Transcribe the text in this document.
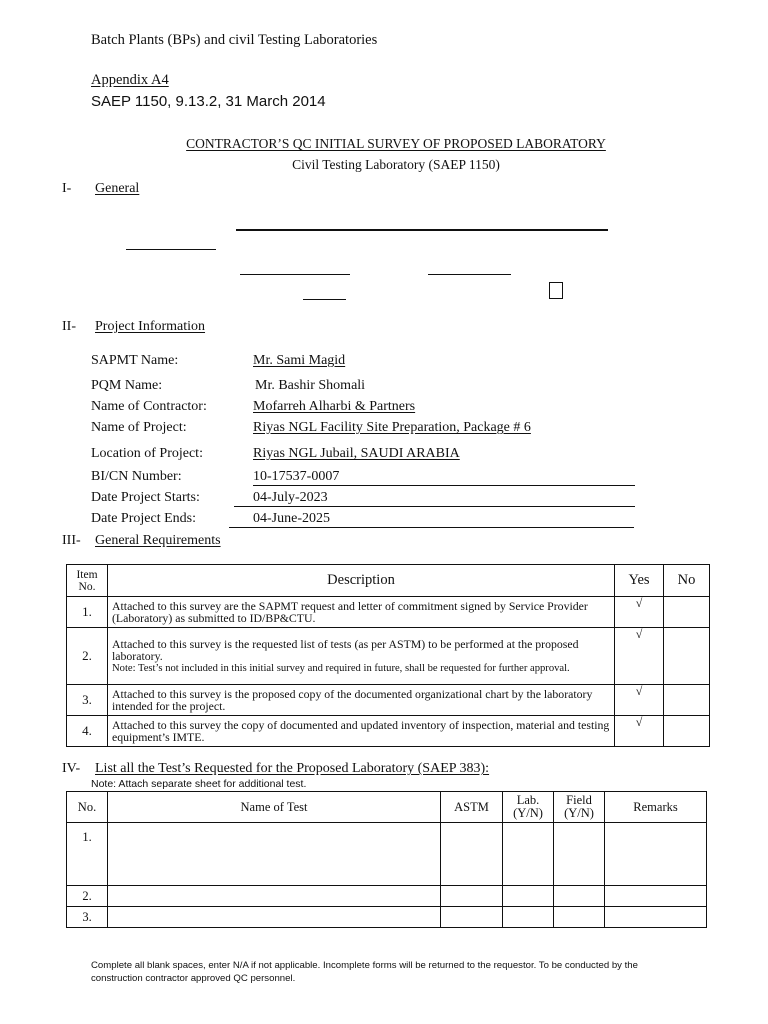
Batch Plants (BPs) and civil Testing Laboratories
Appendix A4
SAEP 1150, 9.13.2, 31 March 2014
CONTRACTOR’S QC INITIAL SURVEY OF PROPOSED LABORATORY
Civil Testing Laboratory (SAEP 1150)
I- General
II- Project Information
SAPMT Name:	Mr. Sami Magid
PQM Name:	Mr. Bashir Shomali
Name of Contractor:	Mofarreh Alharbi & Partners
Name of Project:	Riyas NGL Facility Site Preparation, Package # 6
Location of Project:	Riyas NGL Jubail, SAUDI ARABIA
BI/CN Number:	10-17537-0007
Date Project Starts:	04-July-2023
Date Project Ends:	04-June-2025
III- General Requirements
Item No.	Description	Yes	No
1.	Attached to this survey are the SAPMT request and letter of commitment signed by Service Provider (Laboratory) as submitted to ID/BP&CTU.	√	
2.	Attached to this survey is the requested list of tests (as per ASTM) to be performed at the proposed laboratory.
Note: Test’s not included in this initial survey and required in future, shall be requested for further approval.	√	
3.	Attached to this survey is the proposed copy of the documented organizational chart by the laboratory intended for the project.	√	
4.	Attached to this survey the copy of documented and updated inventory of inspection, material and testing equipment’s IMTE.	√	
IV- List all the Test’s Requested for the Proposed Laboratory (SAEP 383):
Note: Attach separate sheet for additional test.
No.	Name of Test	ASTM	Lab. (Y/N)	Field (Y/N)	Remarks
1.					
2.					
3.					
Complete all blank spaces, enter N/A if not applicable. Incomplete forms will be returned to the requestor. To be conducted by the construction contractor approved QC personnel.
